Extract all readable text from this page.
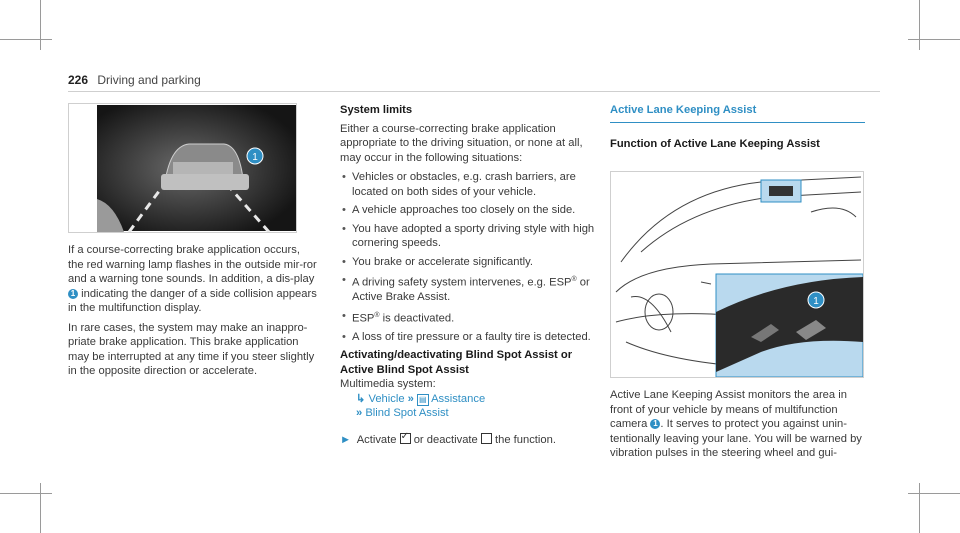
226 Driving and parking
1

If a course-correcting brake application occurs, the red warning lamp flashes in the outside mir-ror and a warning tone sounds. In addition, a dis-play 1 indicating the danger of a side collision appears in the multifunction display.

In rare cases, the system may make an inappro-priate brake application. This brake application may be interrupted at any time if you steer slightly in the opposite direction or accelerate.

System limits

Either a course-correcting brake application appropriate to the driving situation, or none at all, may occur in the following situations:

• Vehicles or obstacles, e.g. crash barriers, are located on both sides of your vehicle.
• A vehicle approaches too closely on the side.
• You have adopted a sporty driving style with high cornering speeds.
• You brake or accelerate significantly.
• A driving safety system intervenes, e.g. ESP® or Active Brake Assist.
• ESP® is deactivated.
• A loss of tire pressure or a faulty tire is detected.
Activating/deactivating Blind Spot Assist or Active Blind Spot Assist
Multimedia system:
↳ Vehicle » ▤ Assistance
» Blind Spot Assist

► Activate ✓ or deactivate the function.

Active Lane Keeping Assist
Function of Active Lane Keeping Assist
1

Active Lane Keeping Assist monitors the area in front of your vehicle by means of multifunction camera 1 . It serves to protect you against unin-tentionally leaving your lane. You will be warned by vibration pulses in the steering wheel and gui-
